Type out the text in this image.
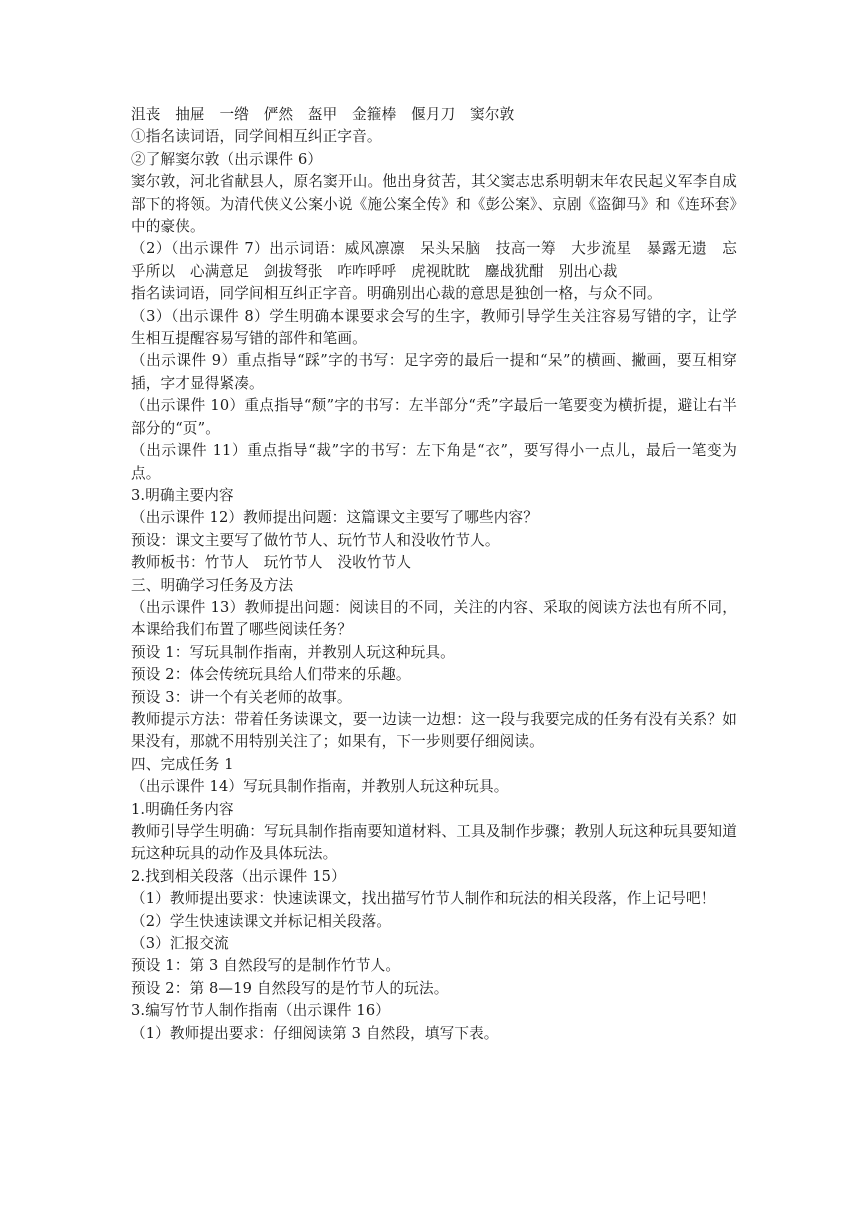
沮丧　抽屉　一绺　俨然　盔甲　金箍棒　偃月刀　窦尔敦

①指名读词语，同学间相互纠正字音。

②了解窦尔敦（出示课件 6）

窦尔敦，河北省献县人，原名窦开山。他出身贫苦，其父窦志忠系明朝末年农民起义军李自成部下的将领。为清代侠义公案小说《施公案全传》和《彭公案》、京剧《盗御马》和《连环套》中的豪侠。

（2）（出示课件 7）出示词语：威风凛凛　呆头呆脑　技高一筹　大步流星　暴露无遗　忘乎所以　心满意足　剑拔弩张　咋咋呼呼　虎视眈眈　鏖战犹酣　别出心裁

指名读词语，同学间相互纠正字音。明确别出心裁的意思是独创一格，与众不同。

（3）（出示课件 8）学生明确本课要求会写的生字，教师引导学生关注容易写错的字，让学生相互提醒容易写错的部件和笔画。

（出示课件 9）重点指导“踩”字的书写：足字旁的最后一提和“呆”的横画、撇画，要互相穿插，字才显得紧凑。

（出示课件 10）重点指导“颓”字的书写：左半部分“秃”字最后一笔要变为横折提，避让右半部分的“页”。

（出示课件 11）重点指导“裁”字的书写：左下角是“衣”，要写得小一点儿，最后一笔变为点。

3.明确主要内容

（出示课件 12）教师提出问题：这篇课文主要写了哪些内容？

预设：课文主要写了做竹节人、玩竹节人和没收竹节人。

教师板书：竹节人　玩竹节人　没收竹节人

三、明确学习任务及方法

（出示课件 13）教师提出问题：阅读目的不同，关注的内容、采取的阅读方法也有所不同，本课给我们布置了哪些阅读任务？

预设 1：写玩具制作指南，并教别人玩这种玩具。

预设 2：体会传统玩具给人们带来的乐趣。

预设 3：讲一个有关老师的故事。

教师提示方法：带着任务读课文，要一边读一边想：这一段与我要完成的任务有没有关系？如果没有，那就不用特别关注了；如果有，下一步则要仔细阅读。

四、完成任务 1

（出示课件 14）写玩具制作指南，并教别人玩这种玩具。

1.明确任务内容

教师引导学生明确：写玩具制作指南要知道材料、工具及制作步骤；教别人玩这种玩具要知道玩这种玩具的动作及具体玩法。

2.找到相关段落（出示课件 15）

（1）教师提出要求：快速读课文，找出描写竹节人制作和玩法的相关段落，作上记号吧！

（2）学生快速读课文并标记相关段落。

（3）汇报交流

预设 1：第 3 自然段写的是制作竹节人。

预设 2：第 8—19 自然段写的是竹节人的玩法。

3.编写竹节人制作指南（出示课件 16）

（1）教师提出要求：仔细阅读第 3 自然段，填写下表。
